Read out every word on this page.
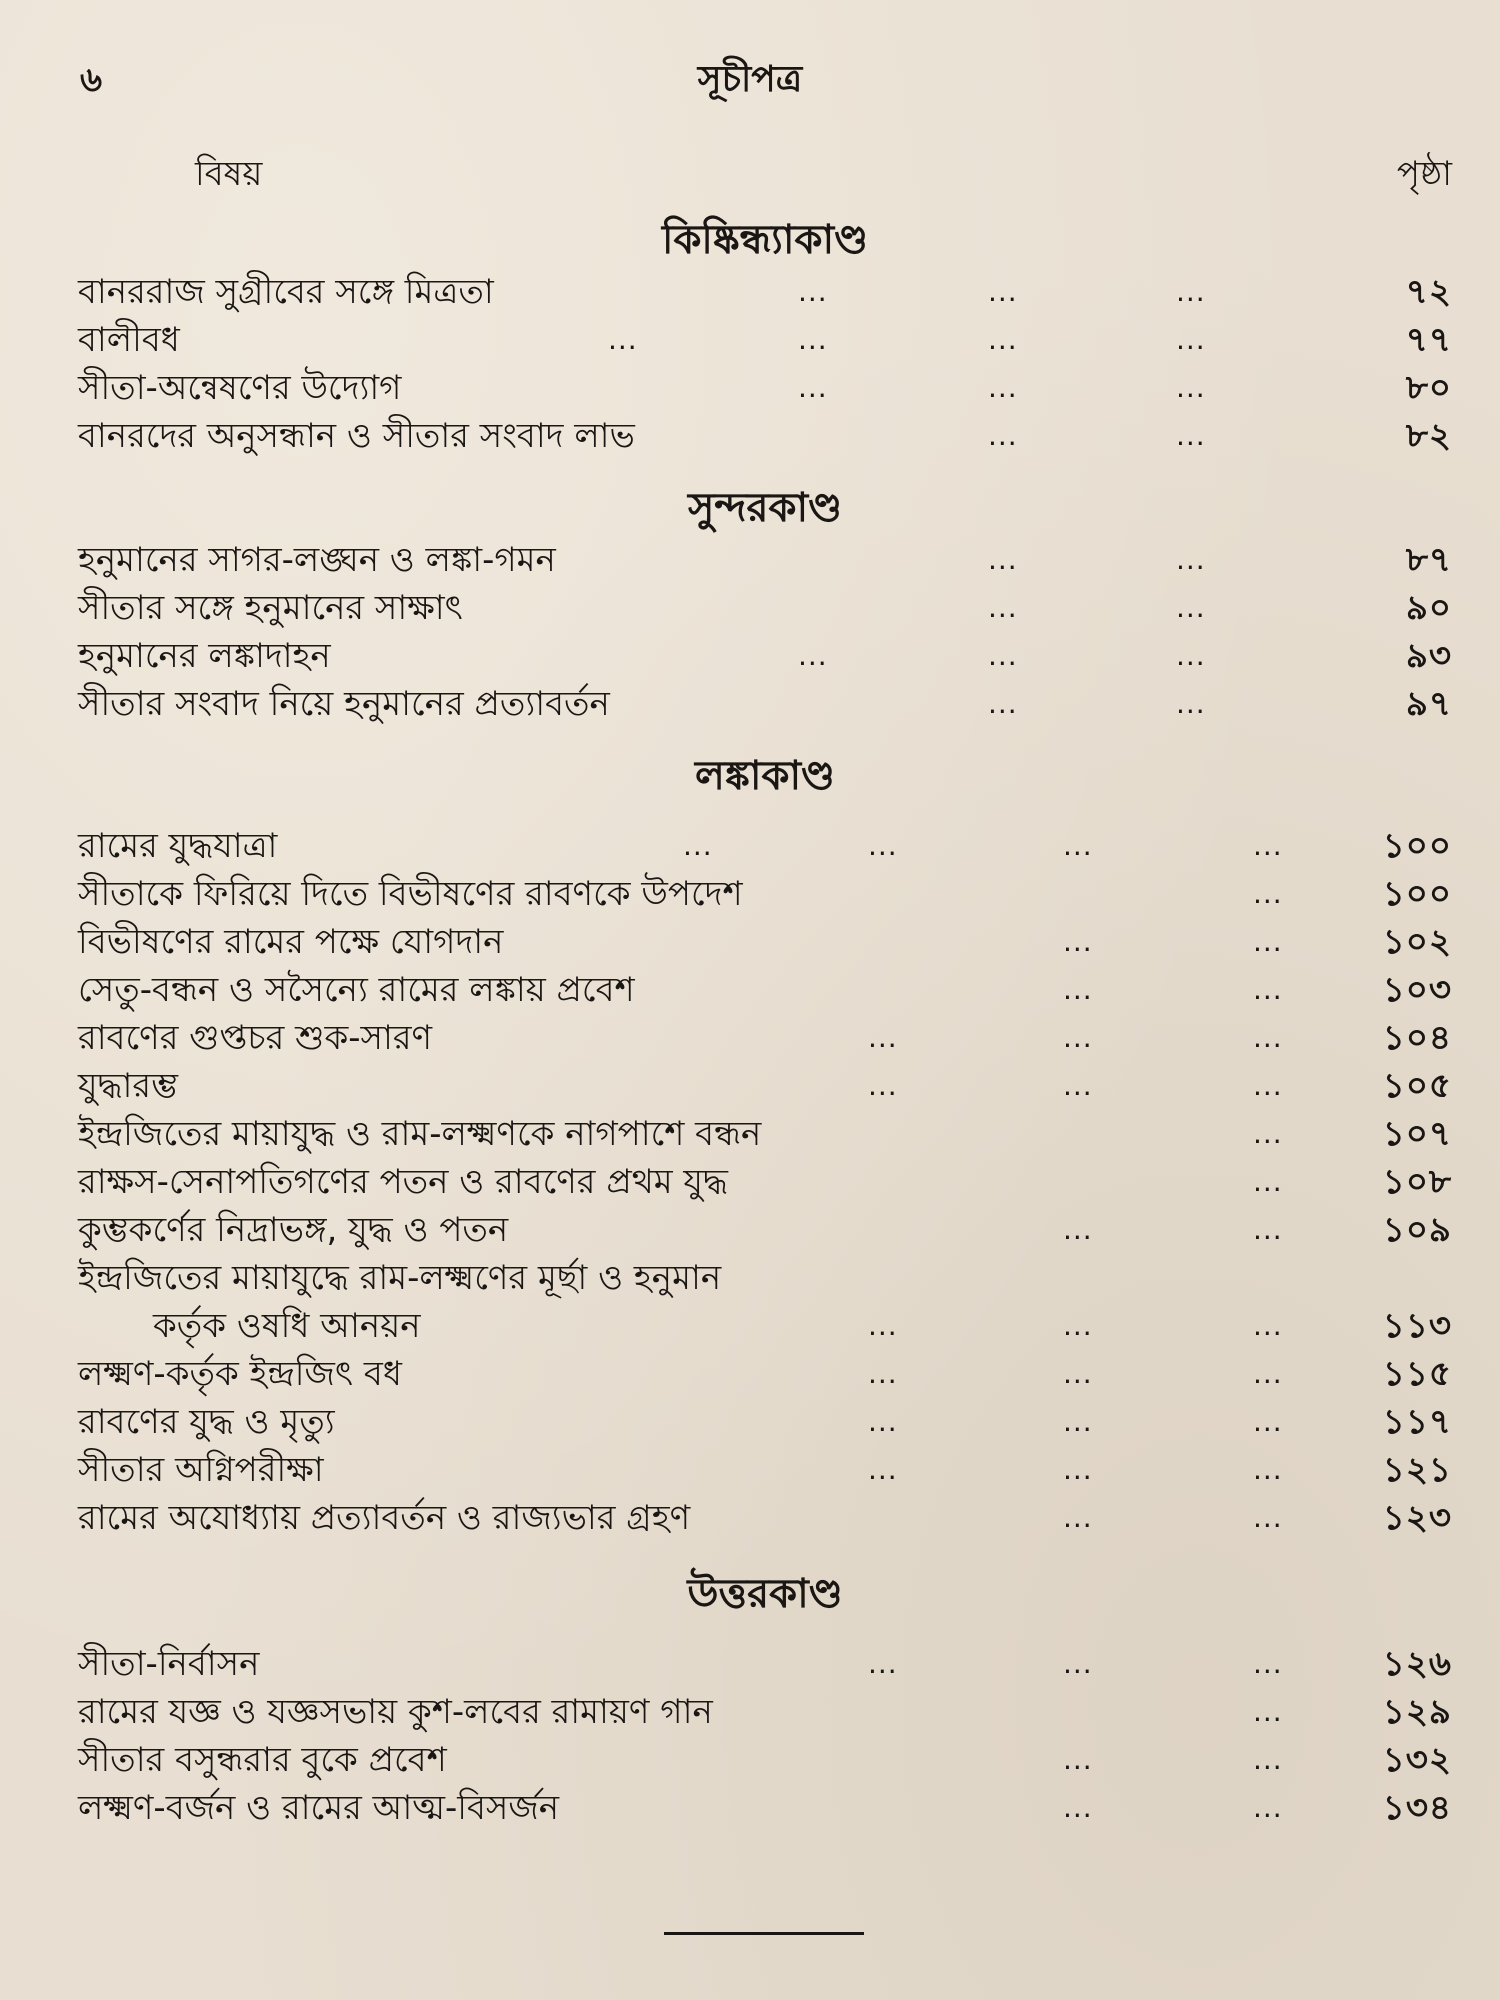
৬	সূচীপত্র
বিষয়	পৃষ্ঠা
কিষ্কিন্ধ্যাকাণ্ড
বানররাজ সুগ্রীবের সঙ্গে মিত্রতা	...	...	...	৭২
বালীবধ	...	...	...	...	৭৭
সীতা-অন্বেষণের উদ্যোগ	...	...	...	৮০
বানরদের অনুসন্ধান ও সীতার সংবাদ লাভ	...	...	৮২
সুন্দরকাণ্ড
হনুমানের সাগর-লঙ্ঘন ও লঙ্কা-গমন	...	...	৮৭
সীতার সঙ্গে হনুমানের সাক্ষাৎ	...	...	৯০
হনুমানের লঙ্কাদাহন	...	...	...	৯৩
সীতার সংবাদ নিয়ে হনুমানের প্রত্যাবর্তন	...	...	৯৭
লঙ্কাকাণ্ড
রামের যুদ্ধযাত্রা	...	...	...	...	১০০
সীতাকে ফিরিয়ে দিতে বিভীষণের রাবণকে উপদেশ	...	১০০
বিভীষণের রামের পক্ষে যোগদান	...	...	১০২
সেতু-বন্ধন ও সসৈন্যে রামের লঙ্কায় প্রবেশ	...	...	১০৩
রাবণের গুপ্তচর শুক-সারণ	...	...	...	১০৪
যুদ্ধারম্ভ	...	...	...	১০৫
ইন্দ্রজিতের মায়াযুদ্ধ ও রাম-লক্ষ্মণকে নাগপাশে বন্ধন	...	১০৭
রাক্ষস-সেনাপতিগণের পতন ও রাবণের প্রথম যুদ্ধ	...	১০৮
কুম্ভকর্ণের নিদ্রাভঙ্গ, যুদ্ধ ও পতন	...	...	১০৯
ইন্দ্রজিতের মায়াযুদ্ধে রাম-লক্ষ্মণের মূর্ছা ও হনুমান
কর্তৃক ওষধি আনয়ন	...	...	...	১১৩
লক্ষ্মণ-কর্তৃক ইন্দ্রজিৎ বধ	...	...	...	১১৫
রাবণের যুদ্ধ ও মৃত্যু	...	...	...	১১৭
সীতার অগ্নিপরীক্ষা	...	...	...	১২১
রামের অযোধ্যায় প্রত্যাবর্তন ও রাজ্যভার গ্রহণ	...	...	১২৩
উত্তরকাণ্ড
সীতা-নির্বাসন	...	...	...	১২৬
রামের যজ্ঞ ও যজ্ঞসভায় কুশ-লবের রামায়ণ গান	...	১২৯
সীতার বসুন্ধরার বুকে প্রবেশ	...	...	১৩২
লক্ষ্মণ-বর্জন ও রামের আত্ম-বিসর্জন	...	...	১৩৪
